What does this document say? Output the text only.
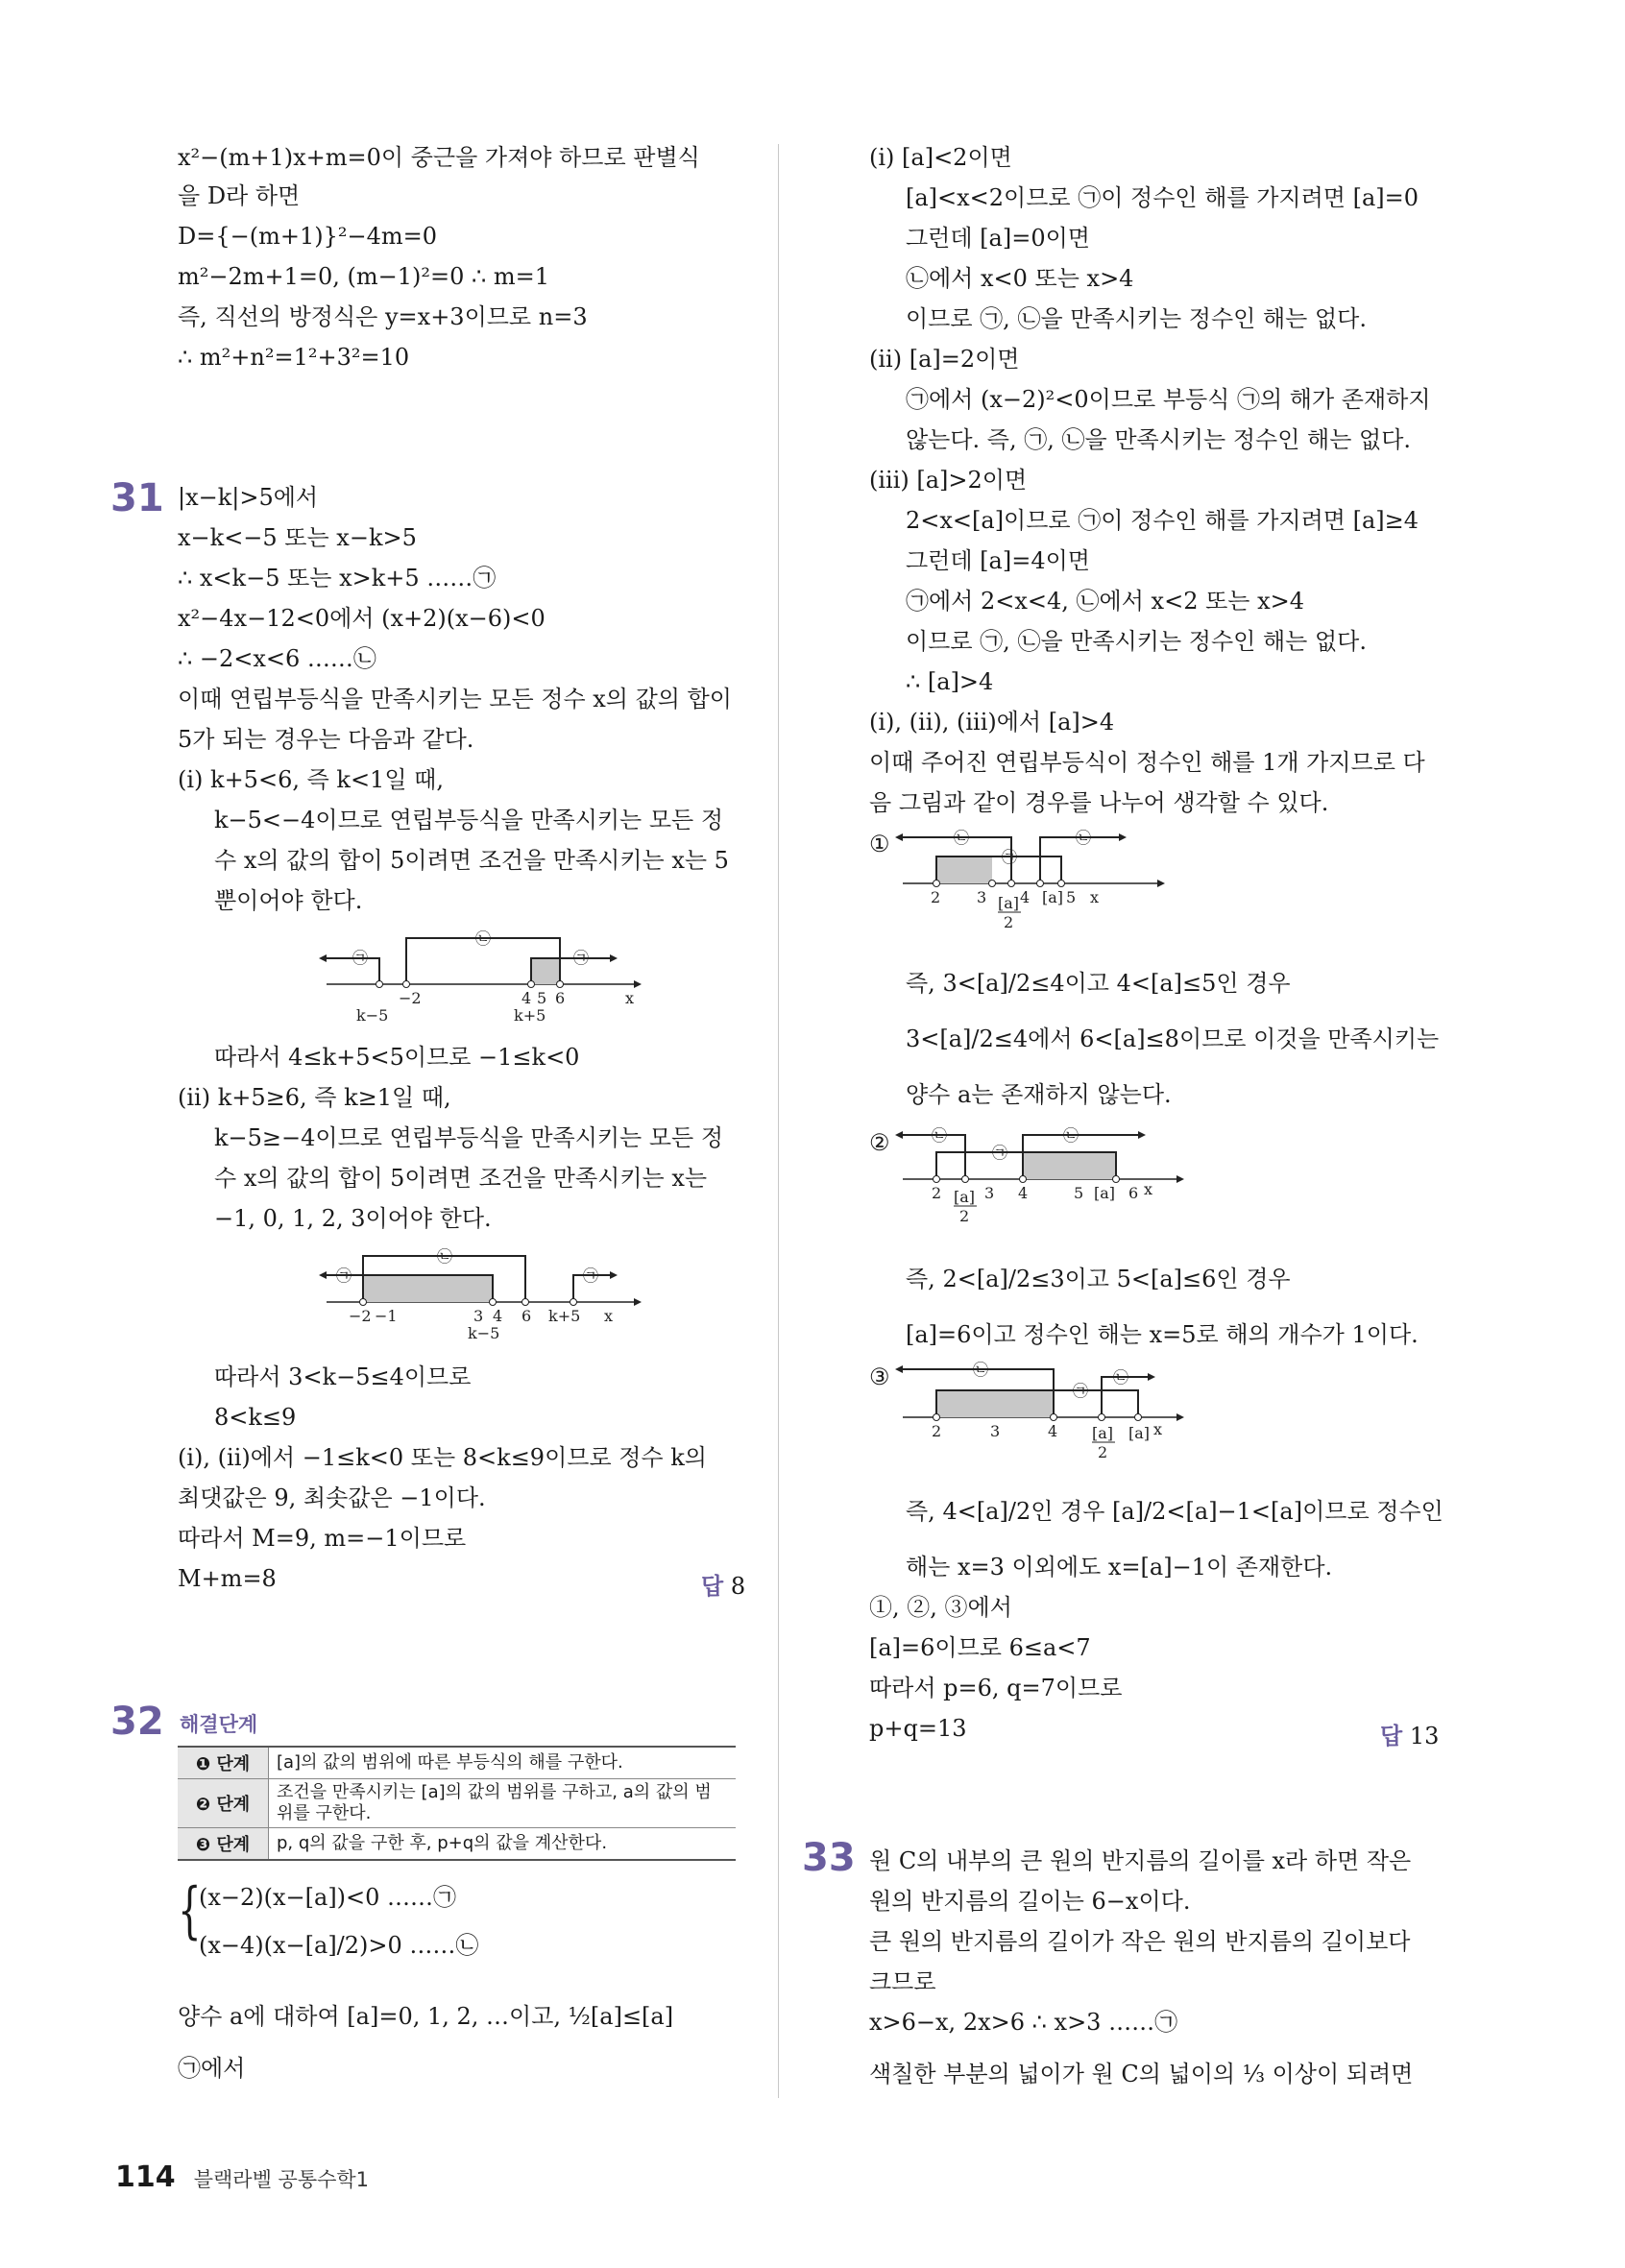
x²−(m+1)x+m=0이 중근을 가져야 하므로 판별식
을 D라 하면
D={−(m+1)}²−4m=0
m²−2m+1=0, (m−1)²=0 ∴ m=1
즉, 직선의 방정식은 y=x+3이므로 n=3
∴ m²+n²=1²+3²=10
|x−k|>5에서
x−k<−5 또는 x−k>5
∴ x<k−5 또는 x>k+5 ……㉠
x²−4x−12<0에서 (x+2)(x−6)<0
∴ −2<x<6 ……㉡
이때 연립부등식을 만족시키는 모든 정수 x의 값의 합이
5가 되는 경우는 다음과 같다.
(i) k+5<6, 즉 k<1일 때,
k−5<−4이므로 연립부등식을 만족시키는 모든 정
수 x의 값의 합이 5이려면 조건을 만족시키는 x는 5
뿐이어야 한다.
㉠
㉡
㉠
−2	4 5 6	x
k−5	k+5
따라서 4≤k+5<5이므로 −1≤k<0
(ii) k+5≥6, 즉 k≥1일 때,
k−5≥−4이므로 연립부등식을 만족시키는 모든 정
수 x의 값의 합이 5이려면 조건을 만족시키는 x는
−1, 0, 1, 2, 3이어야 한다.
㉠
㉡
㉠
−2 −1	3 4 6 k+5 x
k−5
따라서 3<k−5≤4이므로
8<k≤9
(i), (ii)에서 −1≤k<0 또는 8<k≤9이므로 정수 k의
최댓값은 9, 최솟값은 −1이다.
따라서 M=9, m=−1이므로
M+m=8	답 8
해결단계
❶ 단계	[a]의 값의 범위에 따른 부등식의 해를 구한다.
❷ 단계	조건을 만족시키는 [a]의 값의 범위를 구하고, a의 값의 범위를 구한다.
❸ 단계	p, q의 값을 구한 후, p+q의 값을 계산한다.
{
(x−2)(x−[a])<0 ……㉠
(x−4)(x−[a]/2)>0 ……㉡
양수 a에 대하여 [a]=0, 1, 2, …이고, ½[a]≤[a]
㉠에서
31
32
33
(i) [a]<2이면
[a]<x<2이므로 ㉠이 정수인 해를 가지려면 [a]=0
그런데 [a]=0이면
㉡에서 x<0 또는 x>4
이므로 ㉠, ㉡을 만족시키는 정수인 해는 없다.
(ii) [a]=2이면
㉠에서 (x−2)²<0이므로 부등식 ㉠의 해가 존재하지
않는다. 즉, ㉠, ㉡을 만족시키는 정수인 해는 없다.
(iii) [a]>2이면
2<x<[a]이므로 ㉠이 정수인 해를 가지려면 [a]≥4
그런데 [a]=4이면
㉠에서 2<x<4, ㉡에서 x<2 또는 x>4
이므로 ㉠, ㉡을 만족시키는 정수인 해는 없다.
∴ [a]>4
(i), (ii), (iii)에서 [a]>4
이때 주어진 연립부등식이 정수인 해를 1개 가지므로 다
음 그림과 같이 경우를 나누어 생각할 수 있다.
①	㉡
㉠
㉡
2 3 [a]
2
4 [a] 5 x
즉, 3<[a]/2≤4이고 4<[a]≤5인 경우
3<[a]/2≤4에서 6<[a]≤8이므로 이것을 만족시키는
양수 a는 존재하지 않는다.
②	㉡
㉠
㉡
2 [a]
2
3 4	5 [a] 6 x
즉, 2<[a]/2≤3이고 5<[a]≤6인 경우
[a]=6이고 정수인 해는 x=5로 해의 개수가 1이다.
③	㉡
㉠
㉡
2	3	4 [a]
2
[a] x
즉, 4<[a]/2인 경우 [a]/2<[a]−1<[a]이므로 정수인
해는 x=3 이외에도 x=[a]−1이 존재한다.
①, ②, ③에서
[a]=6이므로 6≤a<7
따라서 p=6, q=7이므로
p+q=13	답 13
원 C의 내부의 큰 원의 반지름의 길이를 x라 하면 작은
원의 반지름의 길이는 6−x이다.
큰 원의 반지름의 길이가 작은 원의 반지름의 길이보다
크므로
x>6−x, 2x>6 ∴ x>3 ……㉠
색칠한 부분의 넓이가 원 C의 넓이의 ⅓ 이상이 되려면
114 블랙라벨 공통수학1
